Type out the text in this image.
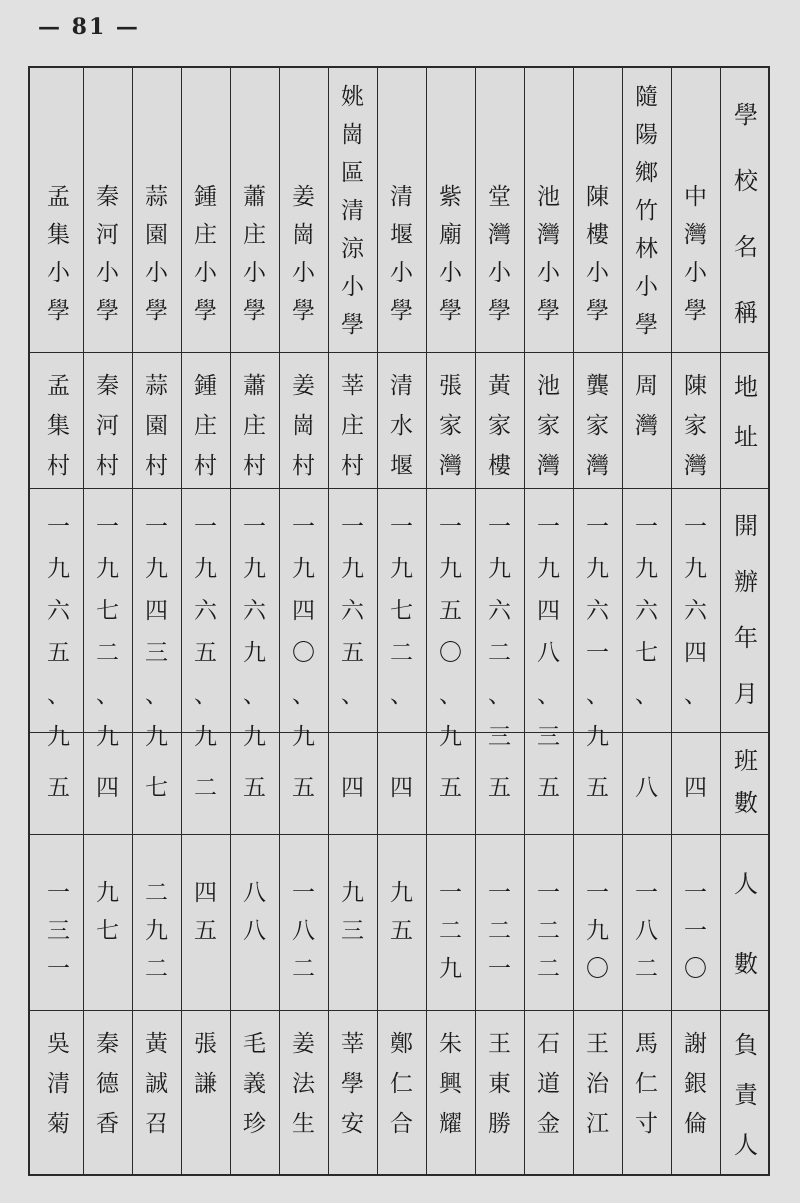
— 81 —
學
校
名
稱
地
址
開
辦
年
月
班
數
人
數
負
責
人
中
灣
小
學
陳
家
灣
一
九
六
四
、
四
一
一
〇
謝
銀
倫
隨
陽
鄉
竹
林
小
學
周
灣
一
九
六
七
、
八
一
八
二
馬
仁
寸
陳
樓
小
學
龔
家
灣
一
九
六
一
、
九
五
一
九
〇
王
治
江
池
灣
小
學
池
家
灣
一
九
四
八
、
三
五
一
二
二
石
道
金
堂
灣
小
學
黃
家
樓
一
九
六
二
、
三
五
一
二
一
王
東
勝
紫
廟
小
學
張
家
灣
一
九
五
〇
、
九
五
一
二
九
朱
興
耀
清
堰
小
學
清
水
堰
一
九
七
二
、
四
九
五
鄭
仁
合
姚
崗
區
清
涼
小
學
莘
庄
村
一
九
六
五
、
四
九
三
莘
學
安
姜
崗
小
學
姜
崗
村
一
九
四
〇
、
九
五
一
八
二
姜
法
生
蕭
庄
小
學
蕭
庄
村
一
九
六
九
、
九
五
八
八
毛
義
珍
鍾
庄
小
學
鍾
庄
村
一
九
六
五
、
九
二
四
五
張
謙
蒜
園
小
學
蒜
園
村
一
九
四
三
、
九
七
二
九
二
黃
誠
召
秦
河
小
學
秦
河
村
一
九
七
二
、
九
四
九
七
秦
德
香
孟
集
小
學
孟
集
村
一
九
六
五
、
九
五
一
三
一
吳
清
菊
